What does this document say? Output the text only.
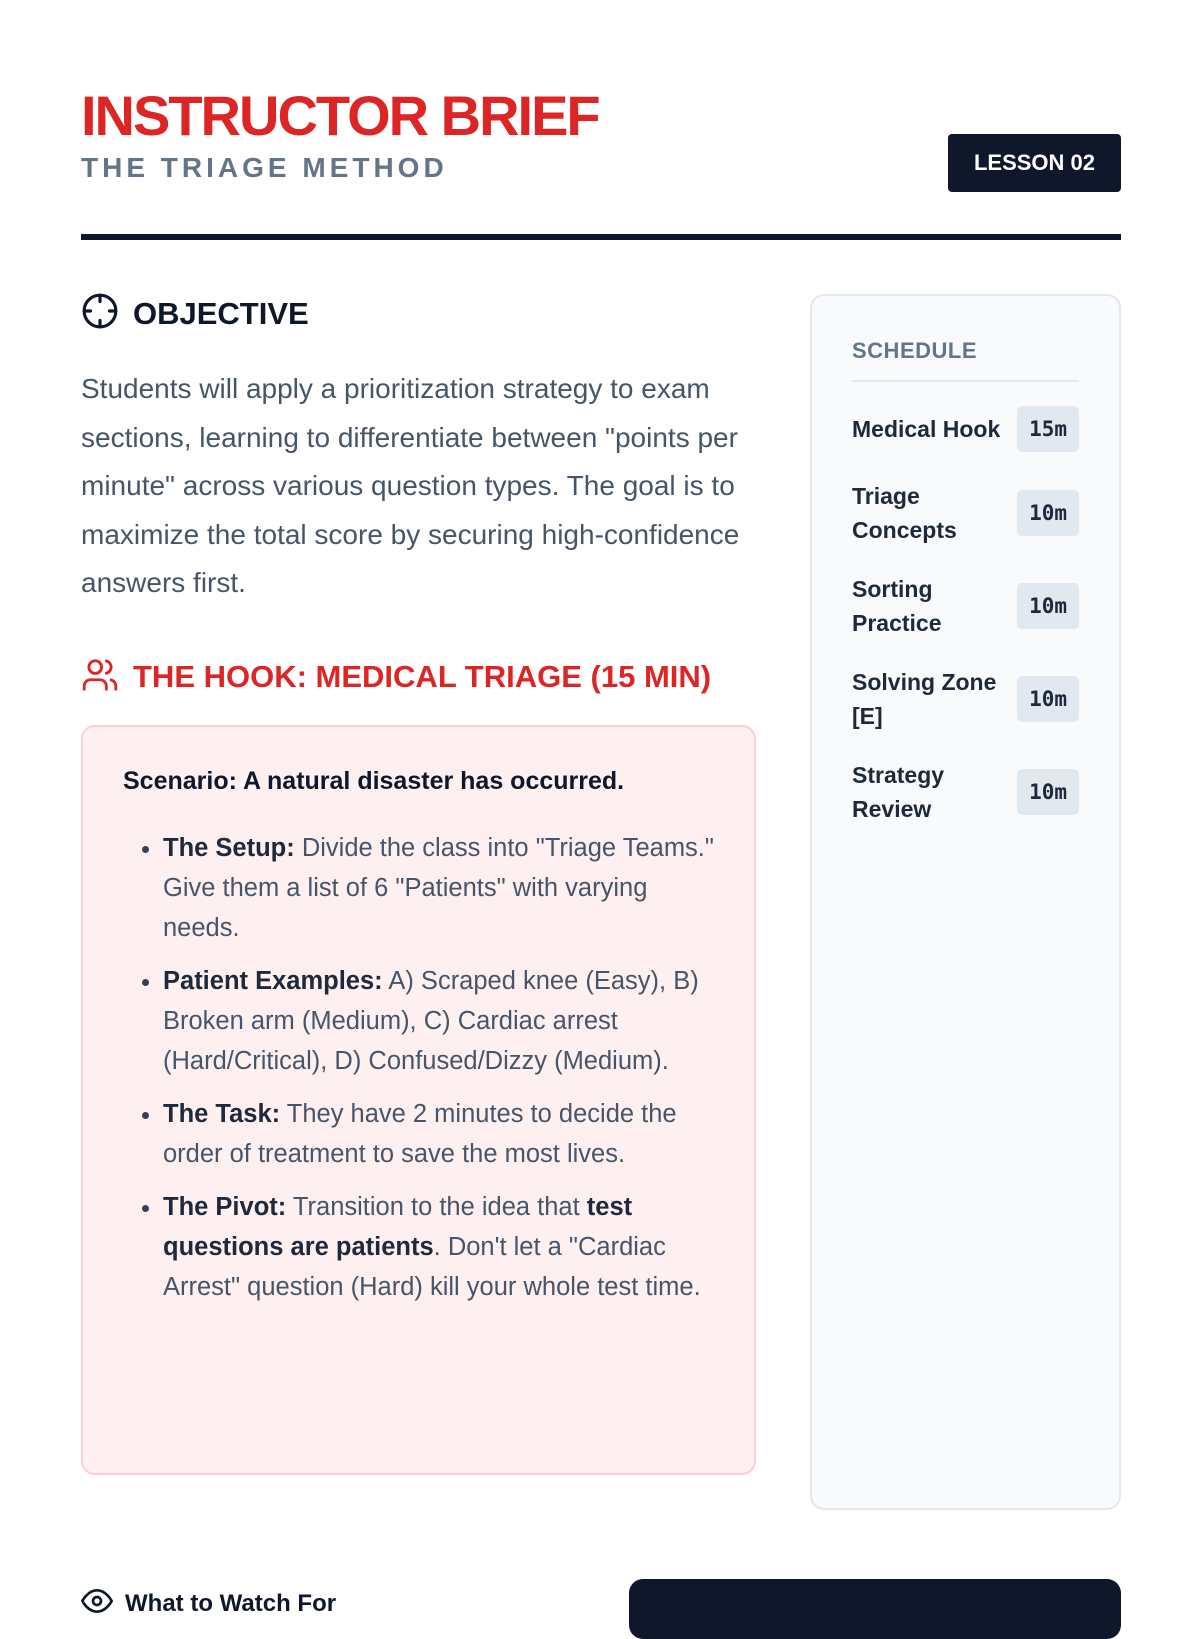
INSTRUCTOR BRIEF
THE TRIAGE METHOD	LESSON 02
OBJECTIVE

Students will apply a prioritization strategy to exam sections, learning to differentiate between "points per minute" across various question types. The goal is to maximize the total score by securing high-confidence answers first.

THE HOOK: MEDICAL TRIAGE (15 MIN)

Scenario: A natural disaster has occurred.

• The Setup: Divide the class into "Triage Teams." Give them a list of 6 "Patients" with varying needs.
• Patient Examples: A) Scraped knee (Easy), B) Broken arm (Medium), C) Cardiac arrest (Hard/Critical), D) Confused/Dizzy (Medium).
• The Task: They have 2 minutes to decide the order of treatment to save the most lives.
• The Pivot: Transition to the idea that test questions are patients. Don't let a "Cardiac Arrest" question (Hard) kill your whole test time.
SCHEDULE
Medical Hook	15m
Triage Concepts
10m
Sorting Practice
10m
Solving Zone [E]
10m
Strategy Review
10m
What to Watch For
